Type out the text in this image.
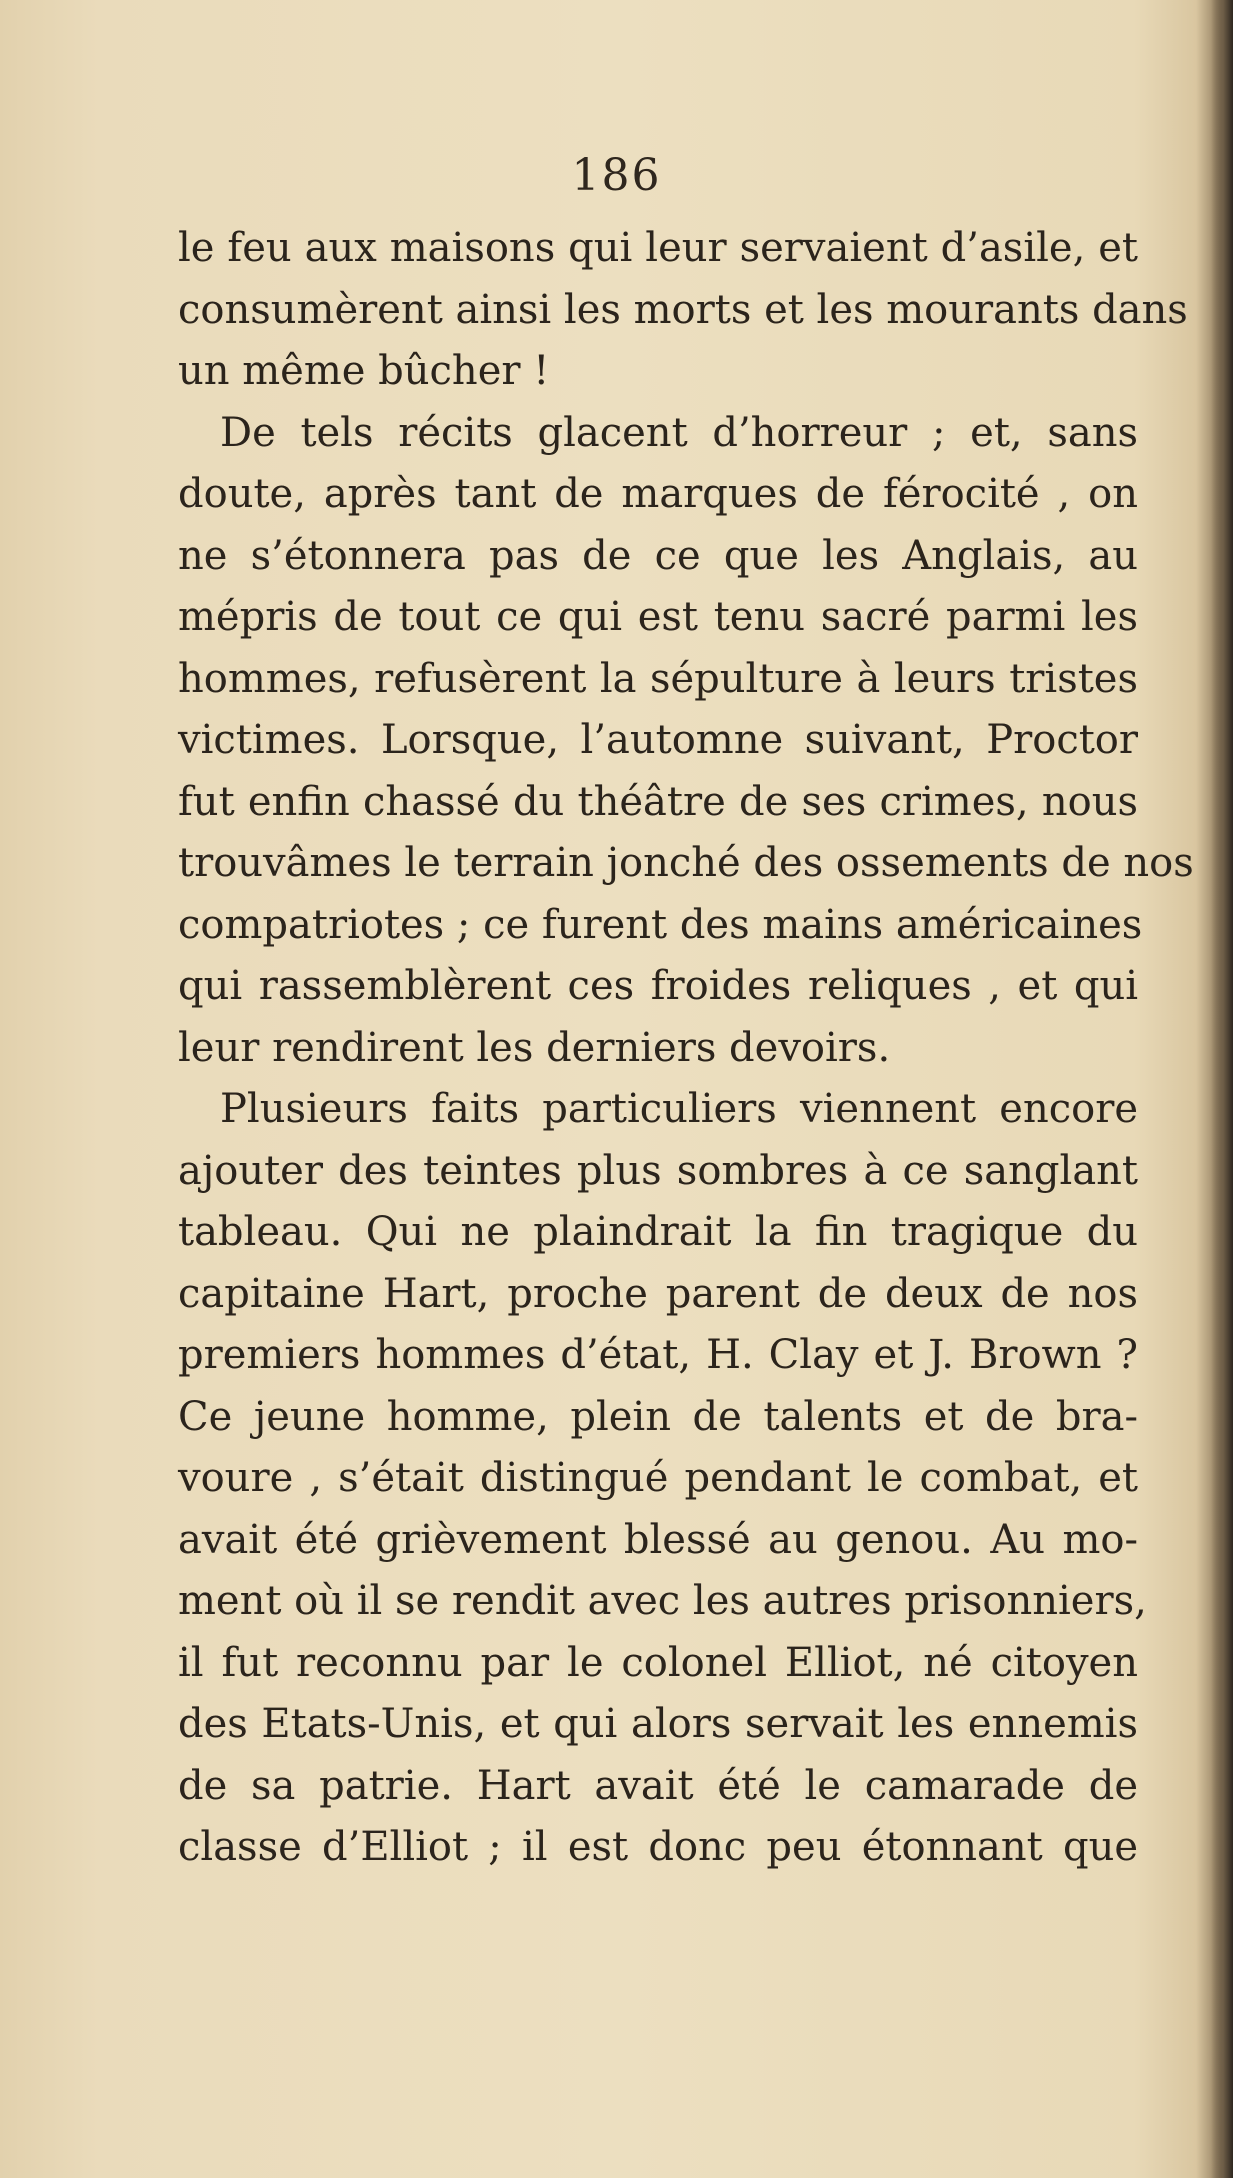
186
le feu aux maisons qui leur servaient d’asile, et
consumèrent ainsi les morts et les mourants dans
un même bûcher !
De tels récits glacent d’horreur ; et, sans
doute, après tant de marques de férocité , on
ne s’étonnera pas de ce que les Anglais, au
mépris de tout ce qui est tenu sacré parmi les
hommes, refusèrent la sépulture à leurs tristes
victimes. Lorsque, l’automne suivant, Proctor
fut enfin chassé du théâtre de ses crimes, nous
trouvâmes le terrain jonché des ossements de nos
compatriotes ; ce furent des mains américaines
qui rassemblèrent ces froides reliques , et qui
leur rendirent les derniers devoirs.
Plusieurs faits particuliers viennent encore
ajouter des teintes plus sombres à ce sanglant
tableau. Qui ne plaindrait la fin tragique du
capitaine Hart, proche parent de deux de nos
premiers hommes d’état, H. Clay et J. Brown ?
Ce jeune homme, plein de talents et de bra-
voure , s’était distingué pendant le combat, et
avait été grièvement blessé au genou. Au mo-
ment où il se rendit avec les autres prisonniers,
il fut reconnu par le colonel Elliot, né citoyen
des Etats-Unis, et qui alors servait les ennemis
de sa patrie. Hart avait été le camarade de
classe d’Elliot ; il est donc peu étonnant que
